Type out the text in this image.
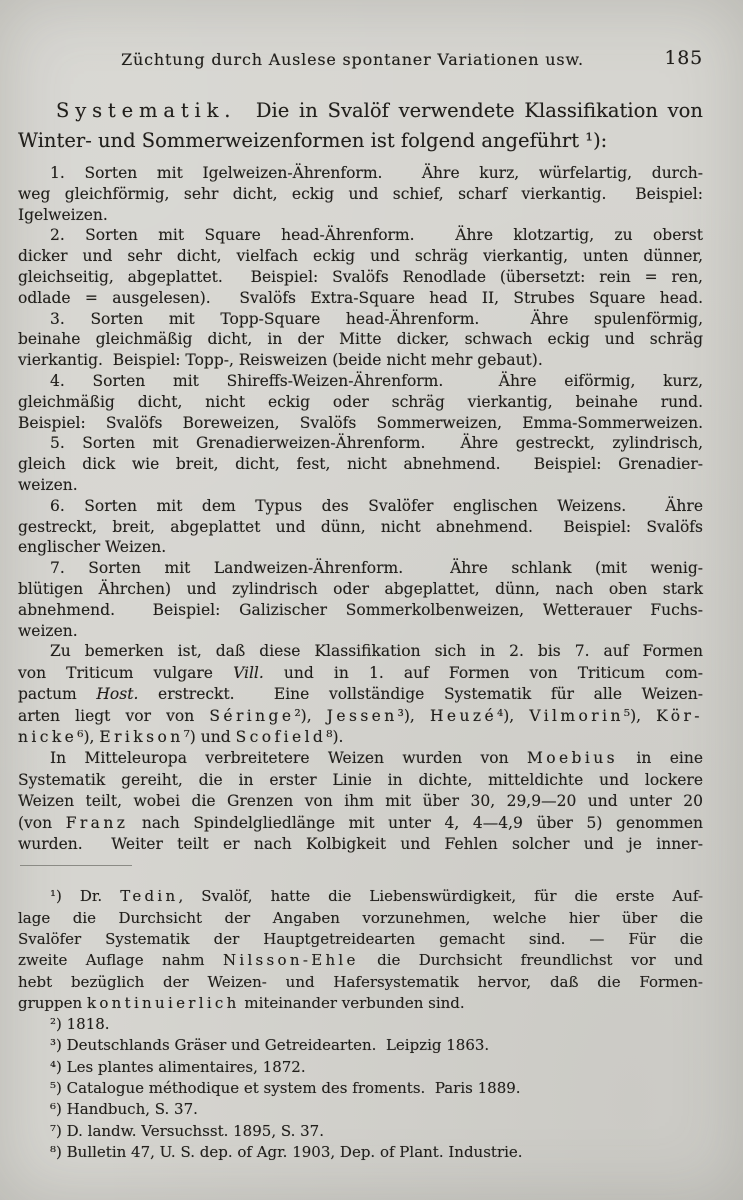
Züchtung durch Auslese spontaner Variationen usw.	185
Systematik.  Die in Svalöf verwendete Klassifikation von
Winter- und Sommerweizenformen ist folgend angeführt ¹):
1. Sorten mit Igelweizen-Ährenform.  Ähre kurz, würfelartig, durch-
weg gleichförmig, sehr dicht, eckig und schief, scharf vierkantig.  Beispiel:
Igelweizen.
2. Sorten mit Square head-Ährenform.  Ähre klotzartig, zu oberst
dicker und sehr dicht, vielfach eckig und schräg vierkantig, unten dünner,
gleichseitig, abgeplattet.  Beispiel: Svalöfs Renodlade (übersetzt: rein = ren,
odlade = ausgelesen).  Svalöfs Extra-Square head II, Strubes Square head.
3. Sorten mit Topp-Square head-Ährenform.  Ähre spulenförmig,
beinahe gleichmäßig dicht, in der Mitte dicker, schwach eckig und schräg
vierkantig.  Beispiel: Topp-, Reisweizen (beide nicht mehr gebaut).
4. Sorten mit Shireffs-Weizen-Ährenform.  Ähre eiförmig, kurz,
gleichmäßig dicht, nicht eckig oder schräg vierkantig, beinahe rund.
Beispiel: Svalöfs Boreweizen, Svalöfs Sommerweizen, Emma-Sommerweizen.
5. Sorten mit Grenadierweizen-Ährenform.  Ähre gestreckt, zylindrisch,
gleich dick wie breit, dicht, fest, nicht abnehmend.  Beispiel: Grenadier-
weizen.
6. Sorten mit dem Typus des Svalöfer englischen Weizens.  Ähre
gestreckt, breit, abgeplattet und dünn, nicht abnehmend.  Beispiel: Svalöfs
englischer Weizen.
7. Sorten mit Landweizen-Ährenform.  Ähre schlank (mit wenig-
blütigen Ährchen) und zylindrisch oder abgeplattet, dünn, nach oben stark
abnehmend.  Beispiel: Galizischer Sommerkolbenweizen, Wetterauer Fuchs-
weizen.
Zu bemerken ist, daß diese Klassifikation sich in 2. bis 7. auf Formen
von Triticum vulgare Vill. und in 1. auf Formen von Triticum com-
pactum Host. erstreckt.  Eine vollständige Systematik für alle Weizen-
arten liegt vor von Séringe²), Jessen³), Heuzé⁴), Vilmorin⁵), Kör-
nicke⁶), Erikson⁷) und Scofield⁸).
In Mitteleuropa verbreitetere Weizen wurden von Moebius in eine
Systematik gereiht, die in erster Linie in dichte, mitteldichte und lockere
Weizen teilt, wobei die Grenzen von ihm mit über 30, 29,9—20 und unter 20
(von Franz nach Spindelgliedlänge mit unter 4, 4—4,9 über 5) genommen
wurden.  Weiter teilt er nach Kolbigkeit und Fehlen solcher und je inner-
¹) Dr. Tedin, Svalöf, hatte die Liebenswürdigkeit, für die erste Auf-
lage die Durchsicht der Angaben vorzunehmen, welche hier über die
Svalöfer Systematik der Hauptgetreidearten gemacht sind. — Für die
zweite Auflage nahm Nilsson-Ehle die Durchsicht freundlichst vor und
hebt bezüglich der Weizen- und Hafersystematik hervor, daß die Formen-
gruppen kontinuierlich miteinander verbunden sind.
²) 1818.
³) Deutschlands Gräser und Getreidearten.  Leipzig 1863.
⁴) Les plantes alimentaires, 1872.
⁵) Catalogue méthodique et system des froments.  Paris 1889.
⁶) Handbuch, S. 37.
⁷) D. landw. Versuchsst. 1895, S. 37.
⁸) Bulletin 47, U. S. dep. of Agr. 1903, Dep. of Plant. Industrie.
